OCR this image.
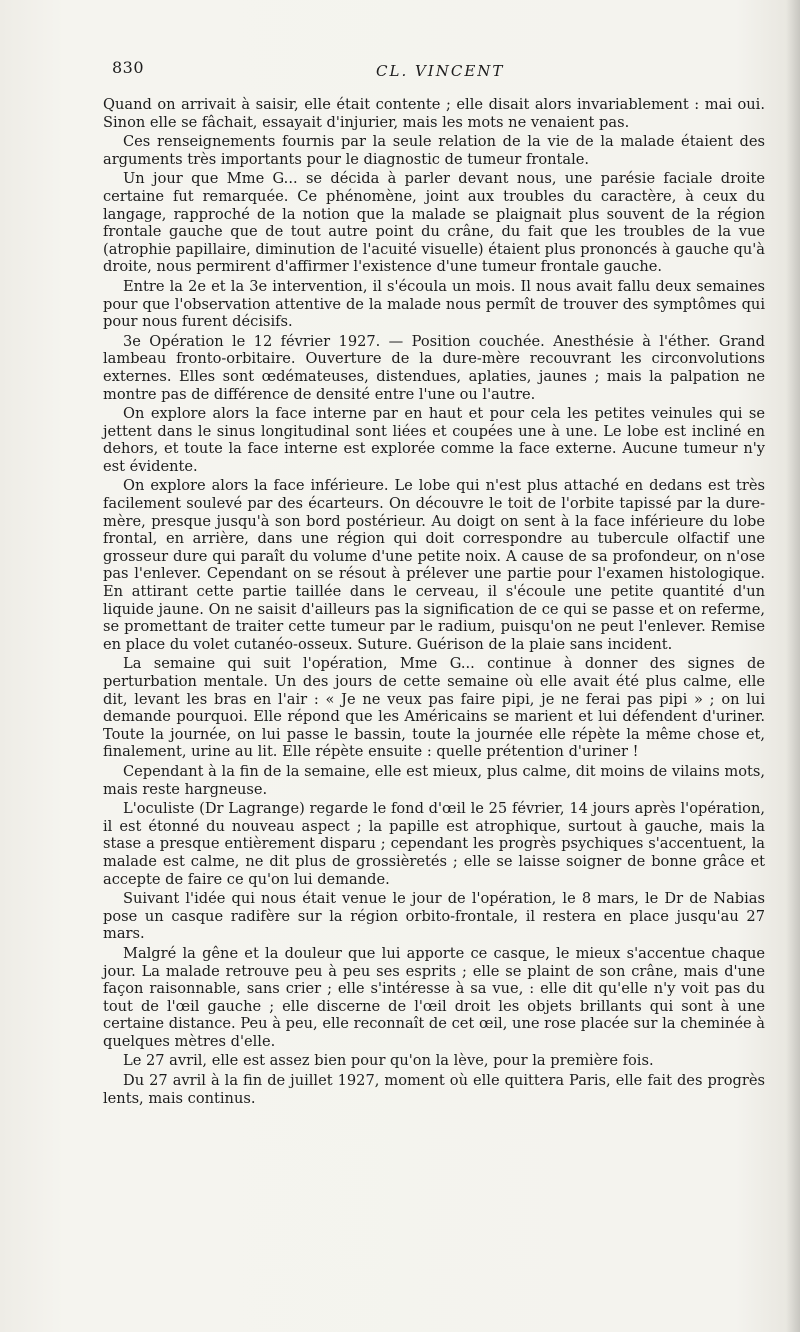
830	CL. VINCENT

Quand on arrivait à saisir, elle était contente ; elle disait alors invariablement : mai oui. Sinon elle se fâchait, essayait d'injurier, mais les mots ne venaient pas.

Ces renseignements fournis par la seule relation de la vie de la malade étaient des arguments très importants pour le diagnostic de tumeur frontale.

Un jour que Mme G... se décida à parler devant nous, une parésie faciale droite certaine fut remarquée. Ce phénomène, joint aux troubles du caractère, à ceux du langage, rapproché de la notion que la malade se plaignait plus souvent de la région frontale gauche que de tout autre point du crâne, du fait que les troubles de la vue (atrophie papillaire, diminution de l'acuité visuelle) étaient plus prononcés à gauche qu'à droite, nous permirent d'affirmer l'existence d'une tumeur frontale gauche.

Entre la 2e et la 3e intervention, il s'écoula un mois. Il nous avait fallu deux semaines pour que l'observation attentive de la malade nous permît de trouver des symptômes qui pour nous furent décisifs.

3e Opération le 12 février 1927. — Position couchée. Anesthésie à l'éther. Grand lambeau fronto-orbitaire. Ouverture de la dure-mère recouvrant les circonvolutions externes. Elles sont œdémateuses, distendues, aplaties, jaunes ; mais la palpation ne montre pas de différence de densité entre l'une ou l'autre.

On explore alors la face interne par en haut et pour cela les petites veinules qui se jettent dans le sinus longitudinal sont liées et coupées une à une. Le lobe est incliné en dehors, et toute la face interne est explorée comme la face externe. Aucune tumeur n'y est évidente.

On explore alors la face inférieure. Le lobe qui n'est plus attaché en dedans est très facilement soulevé par des écarteurs. On découvre le toit de l'orbite tapissé par la dure-mère, presque jusqu'à son bord postérieur. Au doigt on sent à la face inférieure du lobe frontal, en arrière, dans une région qui doit correspondre au tubercule olfactif une grosseur dure qui paraît du volume d'une petite noix. A cause de sa profondeur, on n'ose pas l'enlever. Cependant on se résout à prélever une partie pour l'examen histologique. En attirant cette partie taillée dans le cerveau, il s'écoule une petite quantité d'un liquide jaune. On ne saisit d'ailleurs pas la signification de ce qui se passe et on referme, se promettant de traiter cette tumeur par le radium, puisqu'on ne peut l'enlever. Remise en place du volet cutanéo-osseux. Suture. Guérison de la plaie sans incident.

La semaine qui suit l'opération, Mme G... continue à donner des signes de perturbation mentale. Un des jours de cette semaine où elle avait été plus calme, elle dit, levant les bras en l'air : « Je ne veux pas faire pipi, je ne ferai pas pipi » ; on lui demande pourquoi. Elle répond que les Américains se marient et lui défendent d'uriner. Toute la journée, on lui passe le bassin, toute la journée elle répète la même chose et, finalement, urine au lit. Elle répète ensuite : quelle prétention d'uriner !

Cependant à la fin de la semaine, elle est mieux, plus calme, dit moins de vilains mots, mais reste hargneuse.

L'oculiste (Dr Lagrange) regarde le fond d'œil le 25 février, 14 jours après l'opération, il est étonné du nouveau aspect ; la papille est atrophique, surtout à gauche, mais la stase a presque entièrement disparu ; cependant les progrès psychiques s'accentuent, la malade est calme, ne dit plus de grossièretés ; elle se laisse soigner de bonne grâce et accepte de faire ce qu'on lui demande.

Suivant l'idée qui nous était venue le jour de l'opération, le 8 mars, le Dr de Nabias pose un casque radifère sur la région orbito-frontale, il restera en place jusqu'au 27 mars.

Malgré la gêne et la douleur que lui apporte ce casque, le mieux s'accentue chaque jour. La malade retrouve peu à peu ses esprits ; elle se plaint de son crâne, mais d'une façon raisonnable, sans crier ; elle s'intéresse à sa vue, : elle dit qu'elle n'y voit pas du tout de l'œil gauche ; elle discerne de l'œil droit les objets brillants qui sont à une certaine distance. Peu à peu, elle reconnaît de cet œil, une rose placée sur la cheminée à quelques mètres d'elle.

Le 27 avril, elle est assez bien pour qu'on la lève, pour la première fois.

Du 27 avril à la fin de juillet 1927, moment où elle quittera Paris, elle fait des progrès lents, mais continus.
